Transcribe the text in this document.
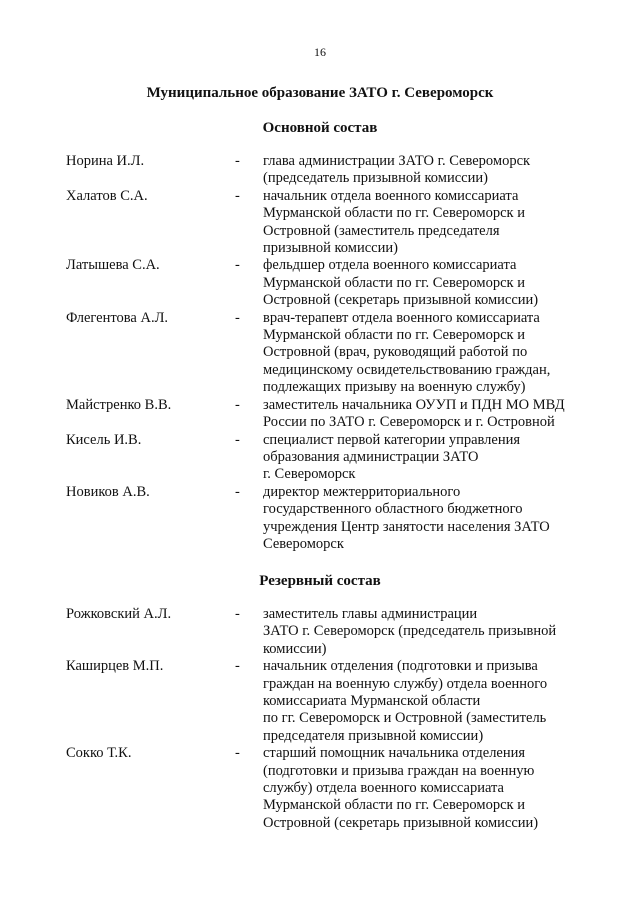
16
Муниципальное образование ЗАТО г. Североморск
Основной состав
Норина И.Л.	- глава администрации ЗАТО г. Североморск
(председатель призывной комиссии)
Халатов С.А.	- начальник отдела военного комиссариата
Мурманской области по гг. Североморск и
Островной (заместитель председателя
призывной комиссии)
Латышева С.А.	- фельдшер отдела военного комиссариата
Мурманской области по гг. Североморск и
Островной (секретарь призывной комиссии)
Флегентова А.Л.	- врач-терапевт отдела военного комиссариата
Мурманской области по гг. Североморск и
Островной (врач, руководящий работой по
медицинскому освидетельствованию граждан,
подлежащих призыву на военную службу)
Майстренко В.В.	- заместитель начальника ОУУП и ПДН МО МВД
России по ЗАТО г. Североморск и г. Островной
Кисель И.В.	- специалист первой категории управления
образования администрации ЗАТО
г. Североморск
Новиков А.В.	- директор межтерриториального
государственного областного бюджетного
учреждения Центр занятости населения ЗАТО
Североморск
Резервный состав
Рожковский А.Л.	- заместитель главы администрации
ЗАТО г. Североморск (председатель призывной
комиссии)
Каширцев М.П.	- начальник отделения (подготовки и призыва
граждан на военную службу) отдела военного
комиссариата Мурманской области
по гг. Североморск и Островной (заместитель
председателя призывной комиссии)
Сокко Т.К.	- старший помощник начальника отделения
(подготовки и призыва граждан на военную
службу) отдела военного комиссариата
Мурманской области по гг. Североморск и
Островной (секретарь призывной комиссии)
